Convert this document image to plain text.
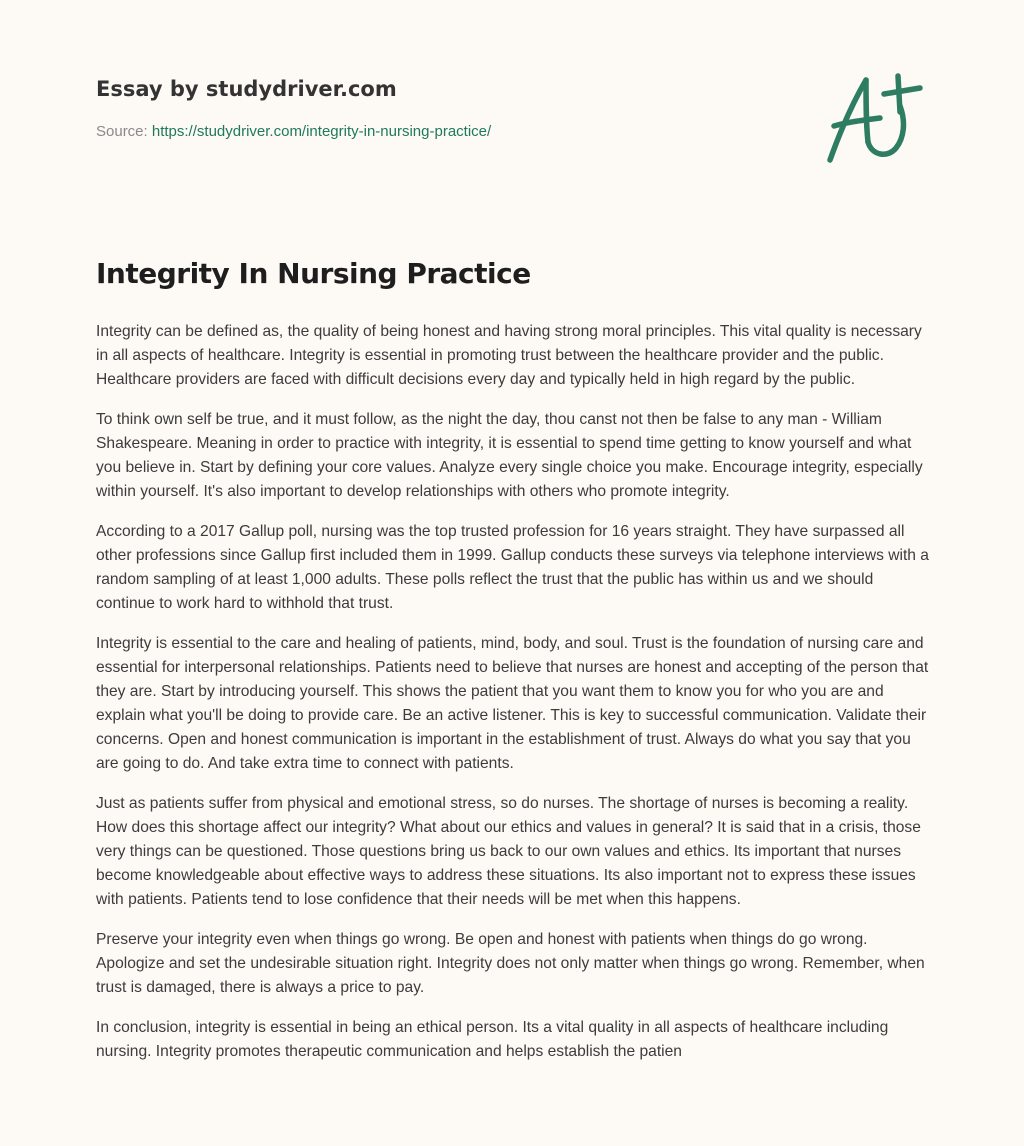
Essay by studydriver.com
Source: https://studydriver.com/integrity-in-nursing-practice/
Integrity In Nursing Practice

Integrity can be defined as, the quality of being honest and having strong moral principles. This vital quality is necessary in all aspects of healthcare. Integrity is essential in promoting trust between the healthcare provider and the public. Healthcare providers are faced with difficult decisions every day and typically held in high regard by the public.

To think own self be true, and it must follow, as the night the day, thou canst not then be false to any man - William Shakespeare. Meaning in order to practice with integrity, it is essential to spend time getting to know yourself and what you believe in. Start by defining your core values. Analyze every single choice you make. Encourage integrity, especially within yourself. It's also important to develop relationships with others who promote integrity.

According to a 2017 Gallup poll, nursing was the top trusted profession for 16 years straight. They have surpassed all other professions since Gallup first included them in 1999. Gallup conducts these surveys via telephone interviews with a random sampling of at least 1,000 adults. These polls reflect the trust that the public has within us and we should continue to work hard to withhold that trust.

Integrity is essential to the care and healing of patients, mind, body, and soul. Trust is the foundation of nursing care and essential for interpersonal relationships. Patients need to believe that nurses are honest and accepting of the person that they are. Start by introducing yourself. This shows the patient that you want them to know you for who you are and explain what you'll be doing to provide care. Be an active listener. This is key to successful communication. Validate their concerns. Open and honest communication is important in the establishment of trust. Always do what you say that you are going to do. And take extra time to connect with patients.

Just as patients suffer from physical and emotional stress, so do nurses. The shortage of nurses is becoming a reality. How does this shortage affect our integrity? What about our ethics and values in general? It is said that in a crisis, those very things can be questioned. Those questions bring us back to our own values and ethics. Its important that nurses become knowledgeable about effective ways to address these situations. Its also important not to express these issues with patients. Patients tend to lose confidence that their needs will be met when this happens.

Preserve your integrity even when things go wrong. Be open and honest with patients when things do go wrong. Apologize and set the undesirable situation right. Integrity does not only matter when things go wrong. Remember, when trust is damaged, there is always a price to pay.

In conclusion, integrity is essential in being an ethical person. Its a vital quality in all aspects of healthcare including nursing. Integrity promotes therapeutic communication and helps establish the patien
